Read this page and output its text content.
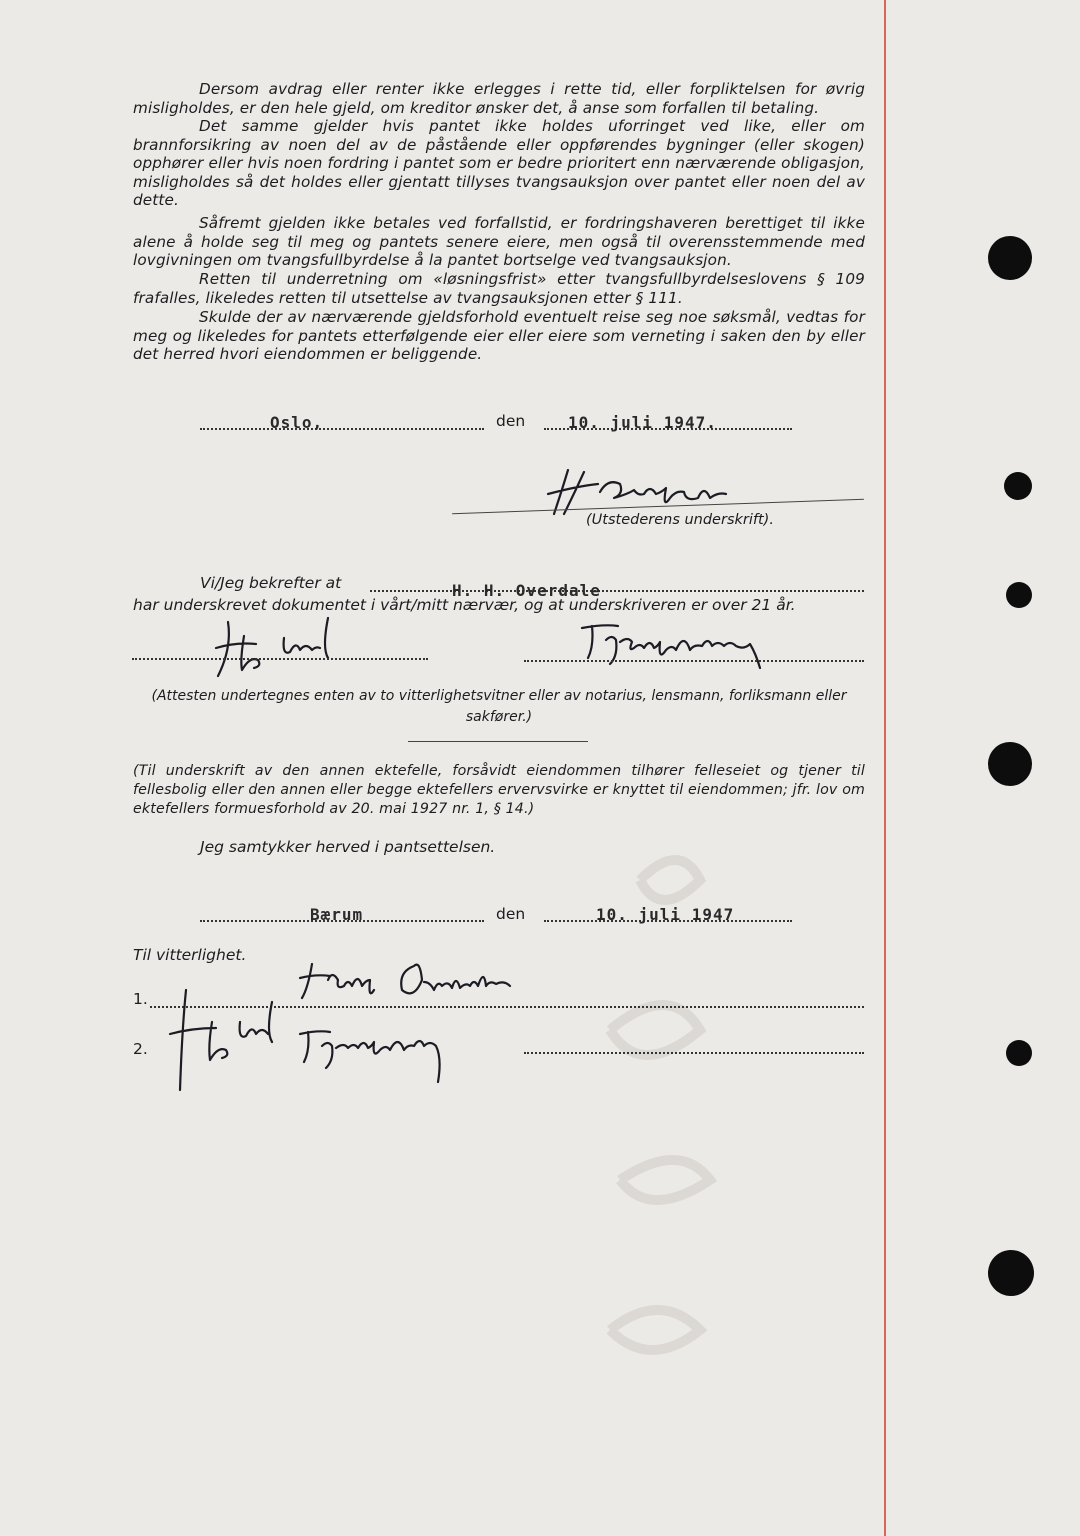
Dersom avdrag eller renter ikke erlegges i rette tid, eller forpliktelsen for øvrig misligholdes, er den hele gjeld, om kreditor ønsker det, å anse som forfallen til betaling.

Det samme gjelder hvis pantet ikke holdes uforringet ved like, eller om brannforsikring av noen del av de påstående eller oppførendes bygninger (eller skogen) opphører eller hvis noen fordring i pantet som er bedre prioritert enn nærværende obligasjon, misligholdes så det holdes eller gjentatt tillyses tvangsauksjon over pantet eller noen del av dette.

Såfremt gjelden ikke betales ved forfallstid, er fordringshaveren berettiget til ikke alene å holde seg til meg og pantets senere eiere, men også til overensstemmende med lovgivningen om tvangsfullbyrdelse å la pantet bortselge ved tvangsauksjon.

Retten til underretning om «løsningsfrist» etter tvangsfullbyrdelseslovens § 109 frafalles, likeledes retten til utsettelse av tvangsauksjonen etter § 111.

Skulde der av nærværende gjeldsforhold eventuelt reise seg noe søksmål, vedtas for meg og likeledes for pantets etterfølgende eier eller eiere som verneting i saken den by eller det herred hvori eiendommen er beliggende.

Oslo,	den	10. juli 1947.
(Utstederens underskrift).
Vi/Jeg bekrefter at	H. H. Overdale
har underskrevet dokumentet i vårt/mitt nærvær, og at underskriveren er over 21 år.
(Attesten undertegnes enten av to vitterlighetsvitner eller av notarius, lensmann, forliksmann eller sakfører.)
(Til underskrift av den annen ektefelle, forsåvidt eiendommen tilhører felleseiet og tjener til fellesbolig eller den annen eller begge ektefellers ervervsvirke er knyttet til eiendommen; jfr. lov om ektefellers formuesforhold av 20. mai 1927 nr. 1, § 14.)
Jeg samtykker herved i pantsettelsen.
Bærum	den	10. juli 1947
Til vitterlighet.
1.
2.
